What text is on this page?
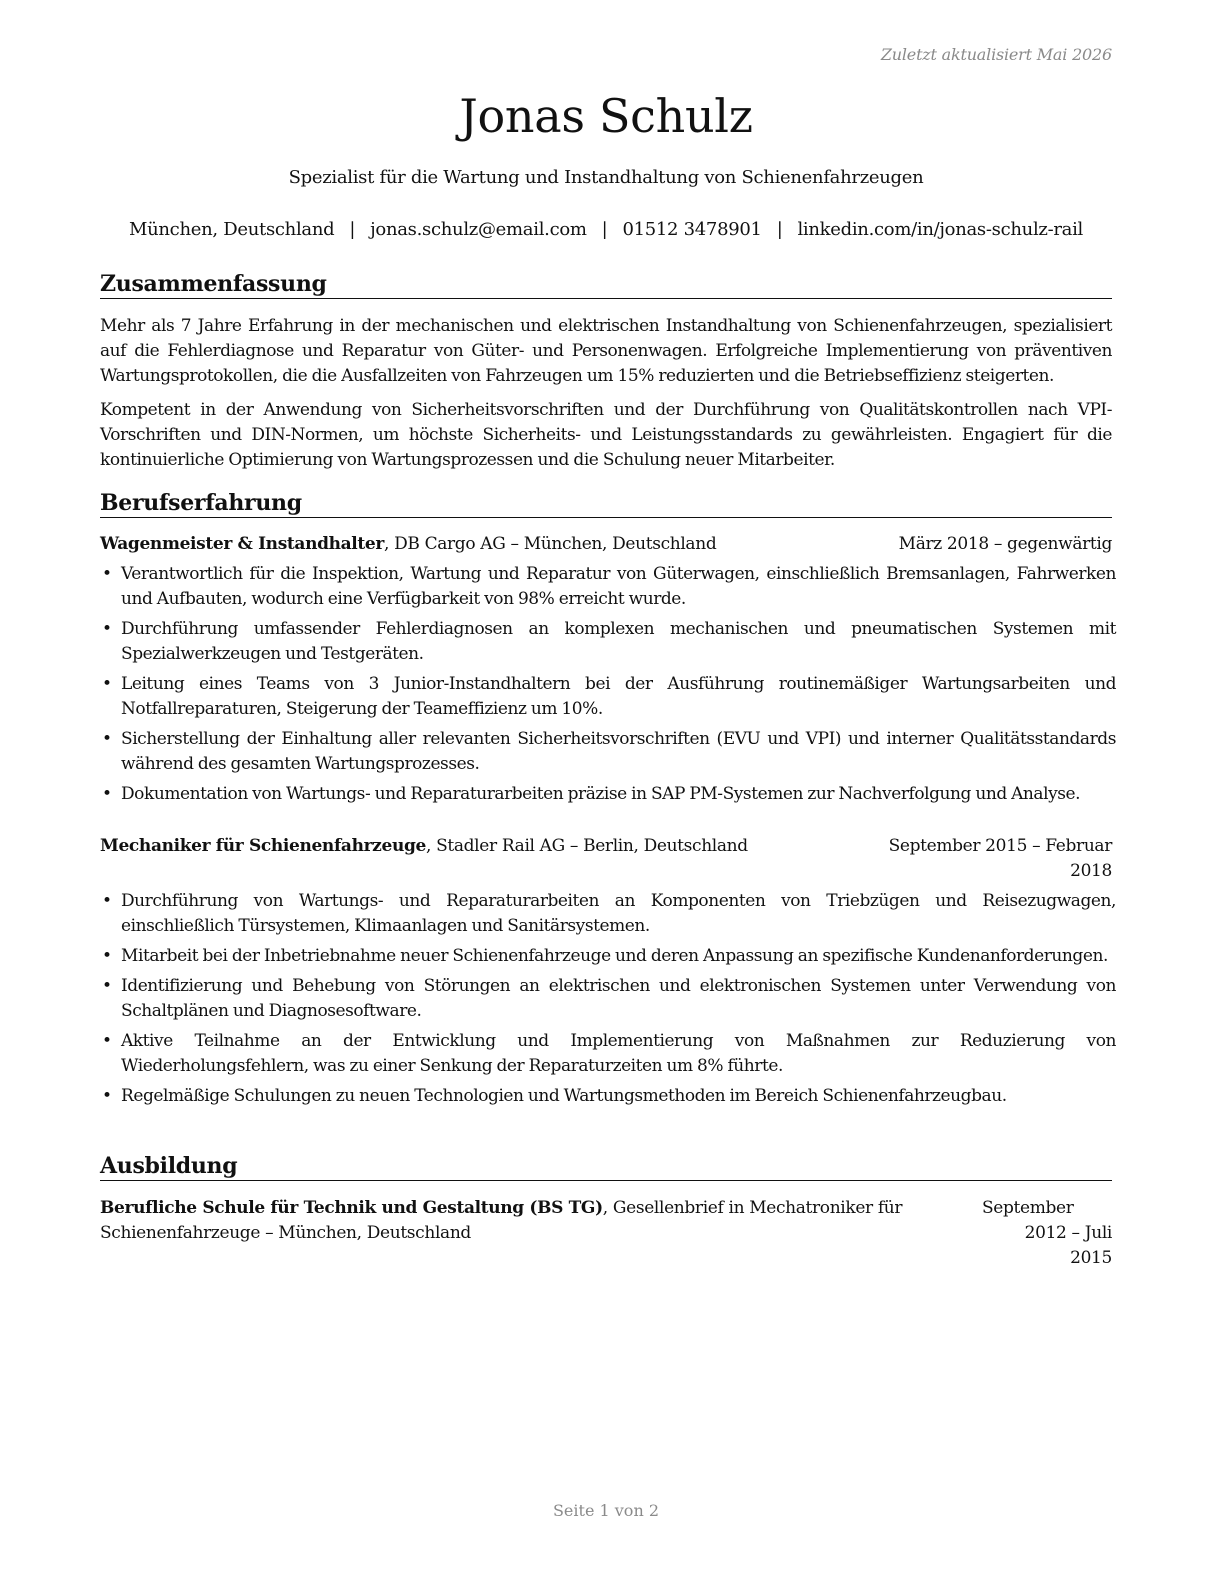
Zuletzt aktualisiert Mai 2026
Jonas Schulz
Spezialist für die Wartung und Instandhaltung von Schienenfahrzeugen
München, Deutschland | jonas.schulz@email.com | 01512 3478901 | linkedin.com/in/jonas-schulz-rail
Zusammenfassung
Mehr als 7 Jahre Erfahrung in der mechanischen und elektrischen Instandhaltung von Schienenfahrzeugen, spezialisiert auf die Fehlerdiagnose und Reparatur von Güter- und Personenwagen. Erfolgreiche Implementierung von präventiven Wartungsprotokollen, die die Ausfallzeiten von Fahrzeugen um 15% reduzierten und die Betriebseffizienz steigerten.
Kompetent in der Anwendung von Sicherheitsvorschriften und der Durchführung von Qualitätskontrollen nach VPI-Vorschriften und DIN-Normen, um höchste Sicherheits- und Leistungsstandards zu gewährleisten. Engagiert für die kontinuierliche Optimierung von Wartungsprozessen und die Schulung neuer Mitarbeiter.
Berufserfahrung
Wagenmeister & Instandhalter, DB Cargo AG – München, Deutschland	März 2018 – gegenwärtig
• Verantwortlich für die Inspektion, Wartung und Reparatur von Güterwagen, einschließlich Bremsanlagen, Fahrwerken und Aufbauten, wodurch eine Verfügbarkeit von 98% erreicht wurde.
• Durchführung umfassender Fehlerdiagnosen an komplexen mechanischen und pneumatischen Systemen mit Spezialwerkzeugen und Testgeräten.
• Leitung eines Teams von 3 Junior-Instandhaltern bei der Ausführung routinemäßiger Wartungsarbeiten und Notfallreparaturen, Steigerung der Teameffizienz um 10%.
• Sicherstellung der Einhaltung aller relevanten Sicherheitsvorschriften (EVU und VPI) und interner Qualitätsstandards während des gesamten Wartungsprozesses.
• Dokumentation von Wartungs- und Reparaturarbeiten präzise in SAP PM-Systemen zur Nachverfolgung und Analyse.
Mechaniker für Schienenfahrzeuge, Stadler Rail AG – Berlin, Deutschland	September 2015 – Februar
2018
• Durchführung von Wartungs- und Reparaturarbeiten an Komponenten von Triebzügen und Reisezugwagen, einschließlich Türsystemen, Klimaanlagen und Sanitärsystemen.
• Mitarbeit bei der Inbetriebnahme neuer Schienenfahrzeuge und deren Anpassung an spezifische Kundenanforderungen.
• Identifizierung und Behebung von Störungen an elektrischen und elektronischen Systemen unter Verwendung von Schaltplänen und Diagnosesoftware.
• Aktive Teilnahme an der Entwicklung und Implementierung von Maßnahmen zur Reduzierung von Wiederholungsfehlern, was zu einer Senkung der Reparaturzeiten um 8% führte.
• Regelmäßige Schulungen zu neuen Technologien und Wartungsmethoden im Bereich Schienenfahrzeugbau.
Ausbildung
Berufliche Schule für Technik und Gestaltung (BS TG), Gesellenbrief in Mechatroniker für Schienenfahrzeuge – München, Deutschland
September 2012 – Juli
2015
Seite 1 von 2
